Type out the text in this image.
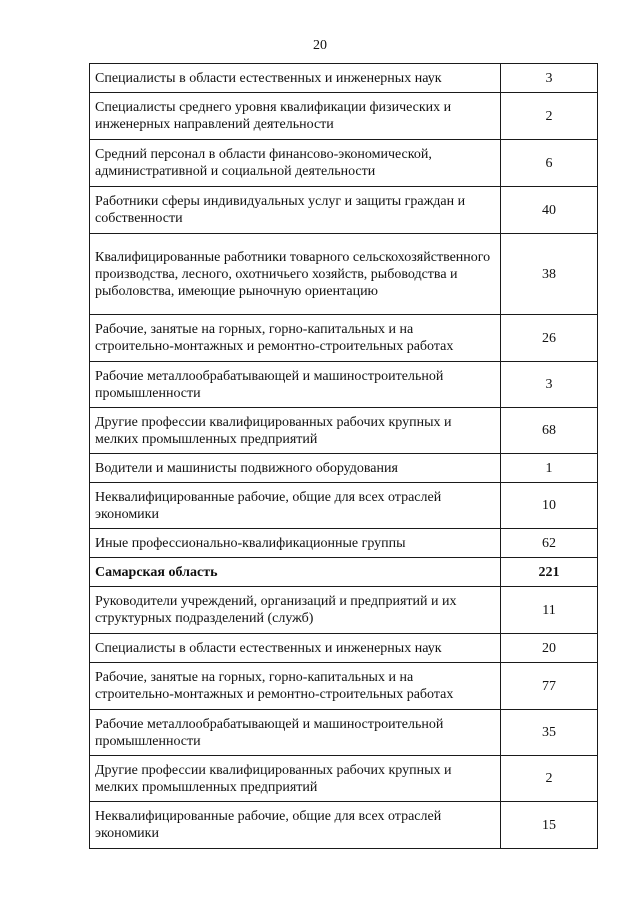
20
Специалисты в области естественных и инженерных наук	3
Специалисты среднего уровня квалификации физических и инженерных направлений деятельности	2
Средний персонал в области финансово-экономической, административной и социальной деятельности	6
Работники сферы индивидуальных услуг и защиты граждан и собственности	40
Квалифицированные работники товарного сельскохозяйственного производства, лесного, охотничьего хозяйств, рыбоводства и рыболовства, имеющие рыночную ориентацию	38
Рабочие, занятые на горных, горно-капитальных и на строительно-монтажных и ремонтно-строительных работах	26
Рабочие металлообрабатывающей и машиностроительной промышленности	3
Другие профессии квалифицированных рабочих крупных и мелких промышленных предприятий	68
Водители и машинисты подвижного оборудования	1
Неквалифицированные рабочие, общие для всех отраслей экономики	10
Иные профессионально-квалификационные группы	62
Самарская область	221
Руководители учреждений, организаций и предприятий и их структурных подразделений (служб)	11
Специалисты в области естественных и инженерных наук	20
Рабочие, занятые на горных, горно-капитальных и на строительно-монтажных и ремонтно-строительных работах	77
Рабочие металлообрабатывающей и машиностроительной промышленности	35
Другие профессии квалифицированных рабочих крупных и мелких промышленных предприятий	2
Неквалифицированные рабочие, общие для всех отраслей экономики	15
